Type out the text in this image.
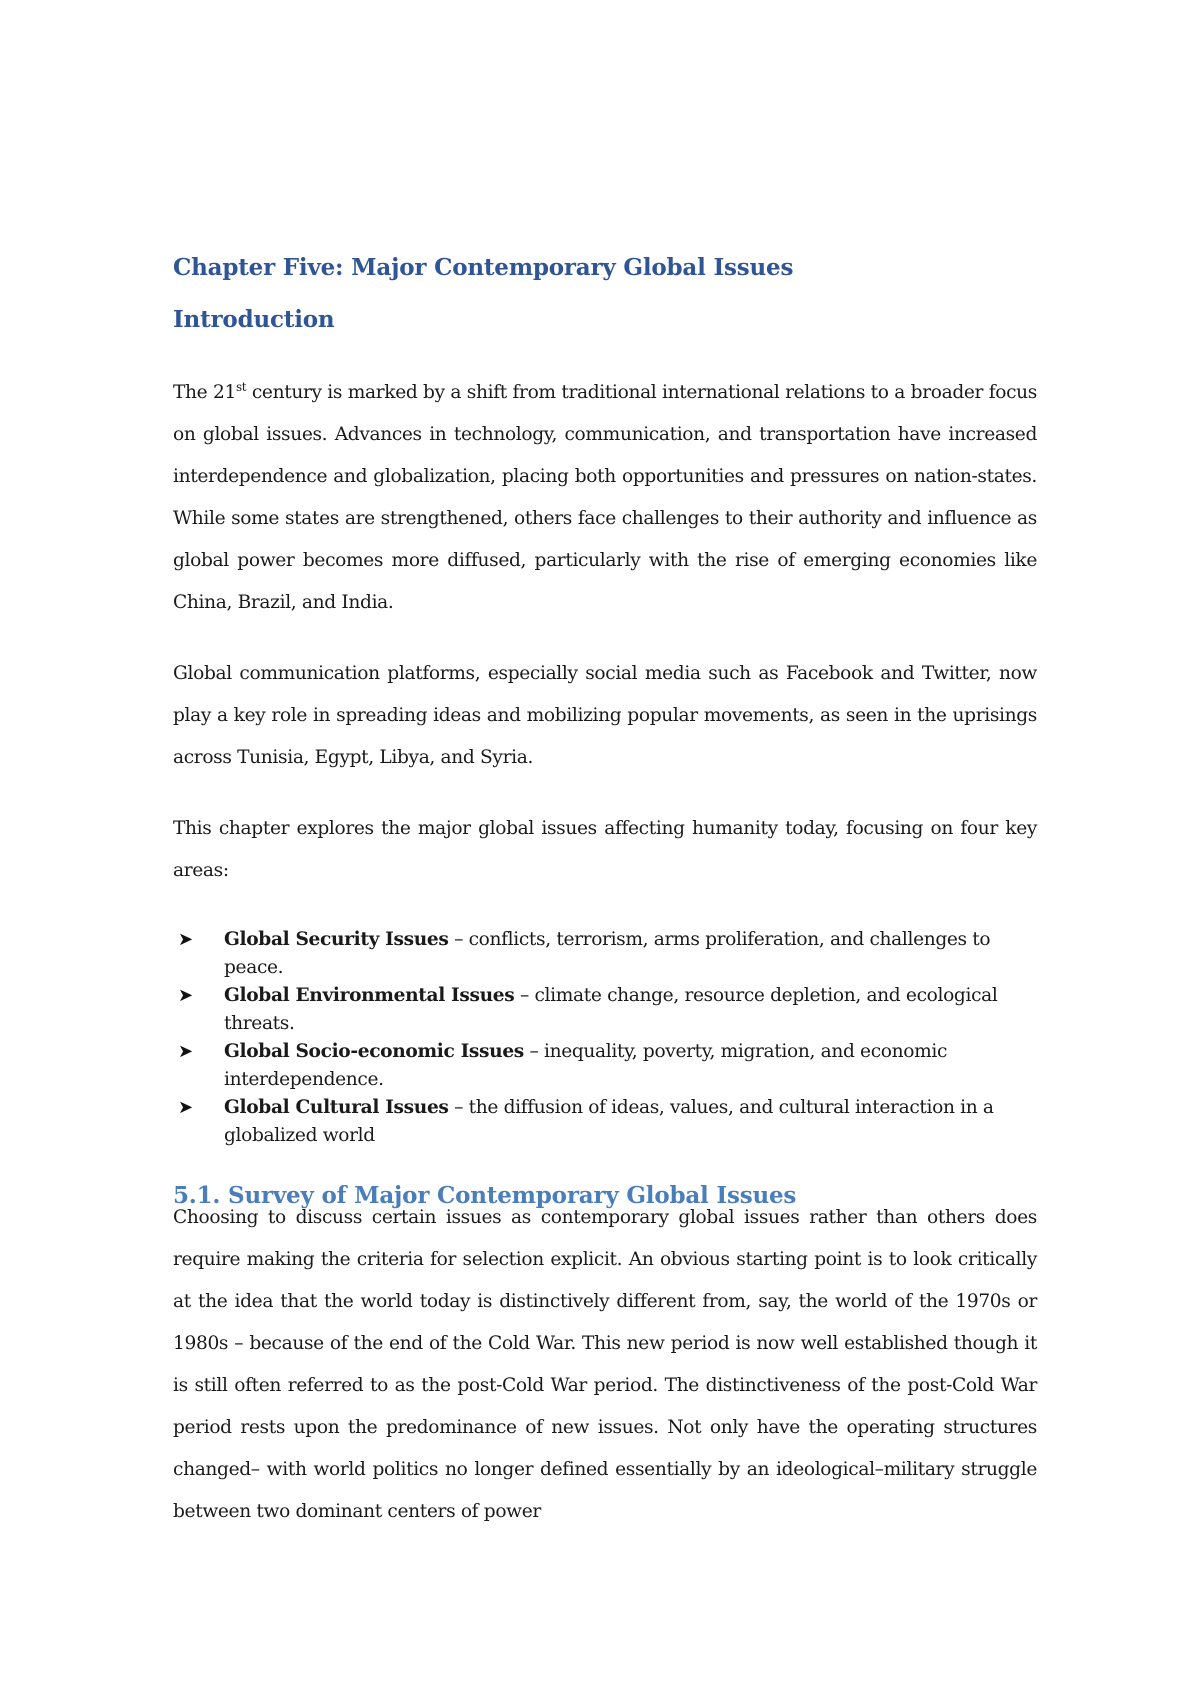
Chapter Five: Major Contemporary Global Issues
Introduction

The 21st century is marked by a shift from traditional international relations to a broader focus on global issues. Advances in technology, communication, and transportation have increased interdependence and globalization, placing both opportunities and pressures on nation-states. While some states are strengthened, others face challenges to their authority and influence as global power becomes more diffused, particularly with the rise of emerging economies like China, Brazil, and India.

Global communication platforms, especially social media such as Facebook and Twitter, now play a key role in spreading ideas and mobilizing popular movements, as seen in the uprisings across Tunisia, Egypt, Libya, and Syria.

This chapter explores the major global issues affecting humanity today, focusing on four key areas:

➤ Global Security Issues – conflicts, terrorism, arms proliferation, and challenges to peace.
➤ Global Environmental Issues – climate change, resource depletion, and ecological threats.
➤ Global Socio-economic Issues – inequality, poverty, migration, and economic interdependence.
➤ Global Cultural Issues – the diffusion of ideas, values, and cultural interaction in a globalized world
5.1. Survey of Major Contemporary Global Issues

Choosing to discuss certain issues as contemporary global issues rather than others does require making the criteria for selection explicit. An obvious starting point is to look critically at the idea that the world today is distinctively different from, say, the world of the 1970s or 1980s – because of the end of the Cold War. This new period is now well established though it is still often referred to as the post-Cold War period. The distinctiveness of the post-Cold War period rests upon the predominance of new issues. Not only have the operating structures changed– with world politics no longer defined essentially by an ideological–military struggle between two dominant centers of power
